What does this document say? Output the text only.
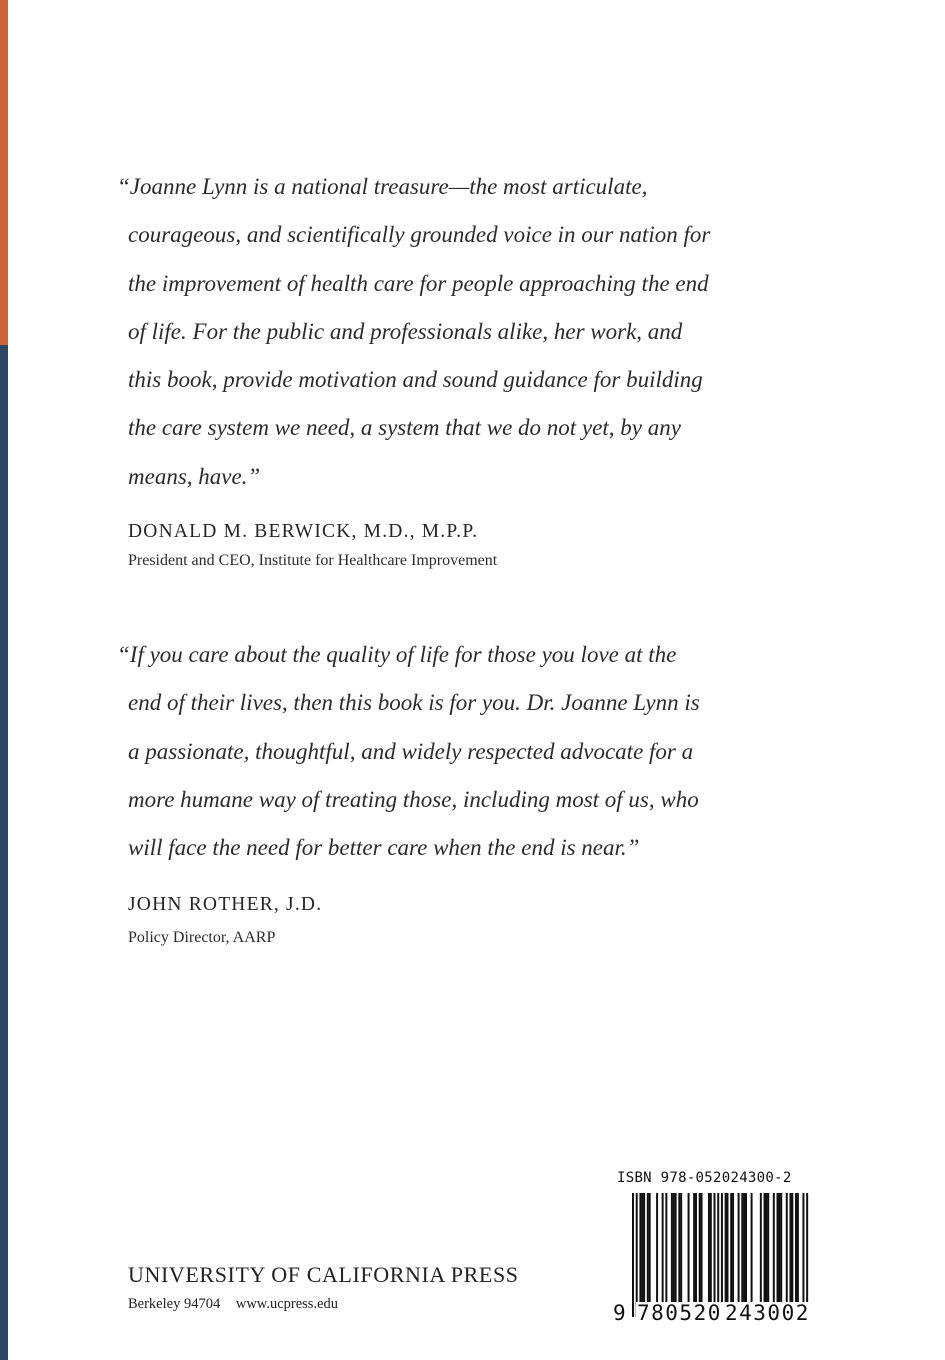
“Joanne Lynn is a national treasure—the most articulate,
courageous, and scientifically grounded voice in our nation for
the improvement of health care for people approaching the end
of life. For the public and professionals alike, her work, and
this book, provide motivation and sound guidance for building
the care system we need, a system that we do not yet, by any
means, have.”
DONALD M. BERWICK, M.D., M.P.P.
President and CEO, Institute for Healthcare Improvement
“If you care about the quality of life for those you love at the
end of their lives, then this book is for you. Dr. Joanne Lynn is
a passionate, thoughtful, and widely respected advocate for a
more humane way of treating those, including most of us, who
will face the need for better care when the end is near.”
JOHN ROTHER, J.D.
Policy Director, AARP
UNIVERSITY OF CALIFORNIA PRESS
Berkeley 94704 www.ucpress.edu
ISBN 978-052024300-2
9 780520 243002
